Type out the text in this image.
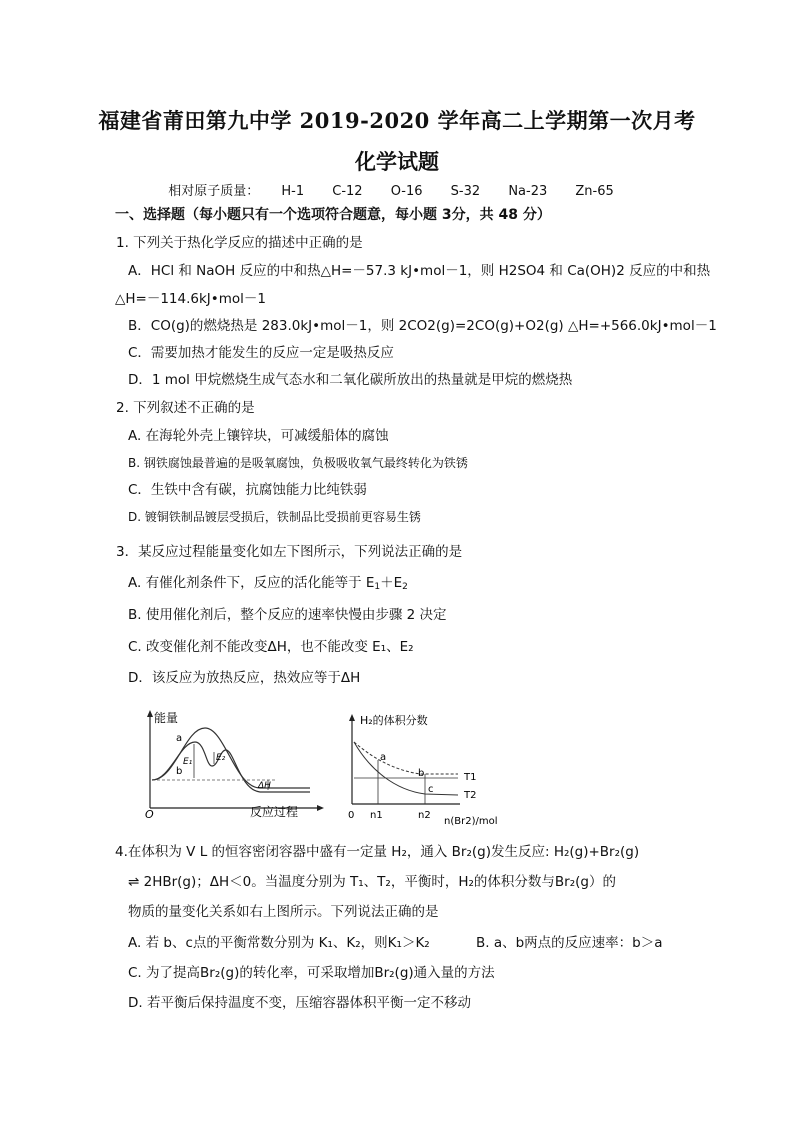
福建省莆田第九中学 2019-2020 学年高二上学期第一次月考
化学试题
相对原子质量： H-1 C-12 O-16 S-32 Na-23 Zn-65
一、选择题（每小题只有一个选项符合题意，每小题 3分，共 48 分）
1. 下列关于热化学反应的描述中正确的是
A．HCl 和 NaOH 反应的中和热△H=－57.3 kJ•mol－1，则 H2SO4 和 Ca(OH)2 反应的中和热
△H=－114.6kJ•mol－1
B．CO(g)的燃烧热是 283.0kJ•mol－1，则 2CO2(g)=2CO(g)+O2(g) △H=+566.0kJ•mol－1
C．需要加热才能发生的反应一定是吸热反应
D．1 mol 甲烷燃烧生成气态水和二氧化碳所放出的热量就是甲烷的燃烧热
2. 下列叙述不正确的是
A. 在海轮外壳上镶锌块，可减缓船体的腐蚀
B. 钢铁腐蚀最普遍的是吸氧腐蚀，负极吸收氧气最终转化为铁锈
C．生铁中含有碳，抗腐蚀能力比纯铁弱
D. 镀铜铁制品镀层受损后，铁制品比受损前更容易生锈
3．某反应过程能量变化如左下图所示，下列说法正确的是
A. 有催化剂条件下，反应的活化能等于 $E_1+E_2$
B. 使用催化剂后，整个反应的速率快慢由步骤 2 决定
C. 改变催化剂不能改变ΔH，也不能改变 E₁、E₂
D．该反应为放热反应，热效应等于ΔH
能量
反应过程
O
a
b
E₁	E₂
ΔH
H₂的体积分数
a
b
c
T1
T2
0 n1	n2
n(Br2)/mol
4.在体积为 V L 的恒容密闭容器中盛有一定量 H₂，通入 Br₂(g)发生反应: H₂(g)+Br₂(g)
⇌ 2HBr(g)；ΔH＜0。当温度分别为 T₁、T₂，平衡时，H₂的体积分数与Br₂(g）的
物质的量变化关系如右上图所示。下列说法正确的是
A. 若 b、c点的平衡常数分别为 K₁、K₂，则K₁＞K₂	B. a、b两点的反应速率：b＞a
C. 为了提高Br₂(g)的转化率，可采取增加Br₂(g)通入量的方法
D. 若平衡后保持温度不变，压缩容器体积平衡一定不移动
